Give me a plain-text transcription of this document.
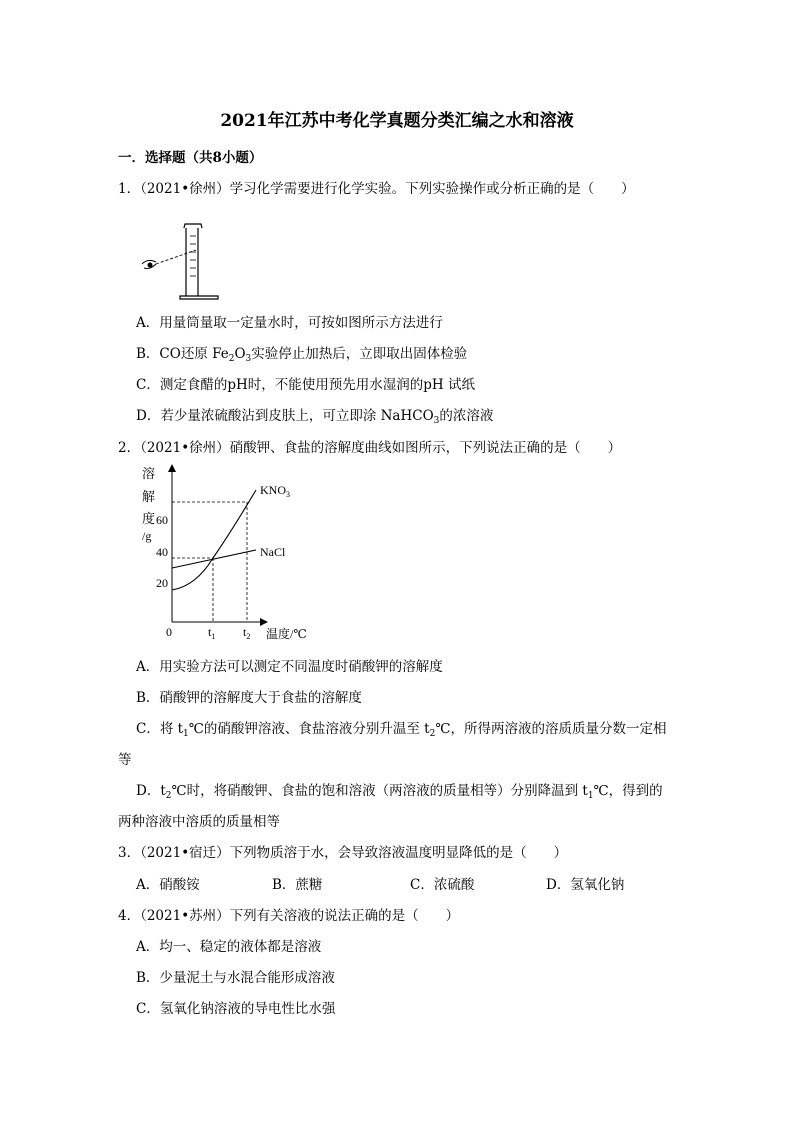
2021年江苏中考化学真题分类汇编之水和溶液
一．选择题（共8小题）
1．（2021•徐州）学习化学需要进行化学实验。下列实验操作或分析正确的是（　　）
A．用量筒量取一定量水时，可按如图所示方法进行
B．CO还原 $Fe_2O_3$实验停止加热后，立即取出固体检验
C．测定食醋的pH时，不能使用预先用水湿润的pH 试纸
D．若少量浓硫酸沾到皮肤上，可立即涂 NaHCO$_3$的浓溶液
2．（2021•徐州）硝酸钾、食盐的溶解度曲线如图所示，下列说法正确的是（　　）
溶
解
度
/g
20
40
60
0	$t_1$ $t_2$ 温度/℃
$KNO_3$
NaCl
A．用实验方法可以测定不同温度时硝酸钾的溶解度
B．硝酸钾的溶解度大于食盐的溶解度
C．将 $t_1℃$的硝酸钾溶液、食盐溶液分别升温至 $t_2℃$，所得两溶液的溶质质量分数一定相
等
D．$t_2℃$时，将硝酸钾、食盐的饱和溶液（两溶液的质量相等）分别降温到 $t_1℃$，得到的
两种溶液中溶质的质量相等
3．（2021•宿迁）下列物质溶于水，会导致溶液温度明显降低的是（　　）
A．硝酸铵	B．蔗糖	C．浓硫酸	D．氢氧化钠
4．（2021•苏州）下列有关溶液的说法正确的是（　　）
A．均一、稳定的液体都是溶液
B．少量泥土与水混合能形成溶液
C．氢氧化钠溶液的导电性比水强
